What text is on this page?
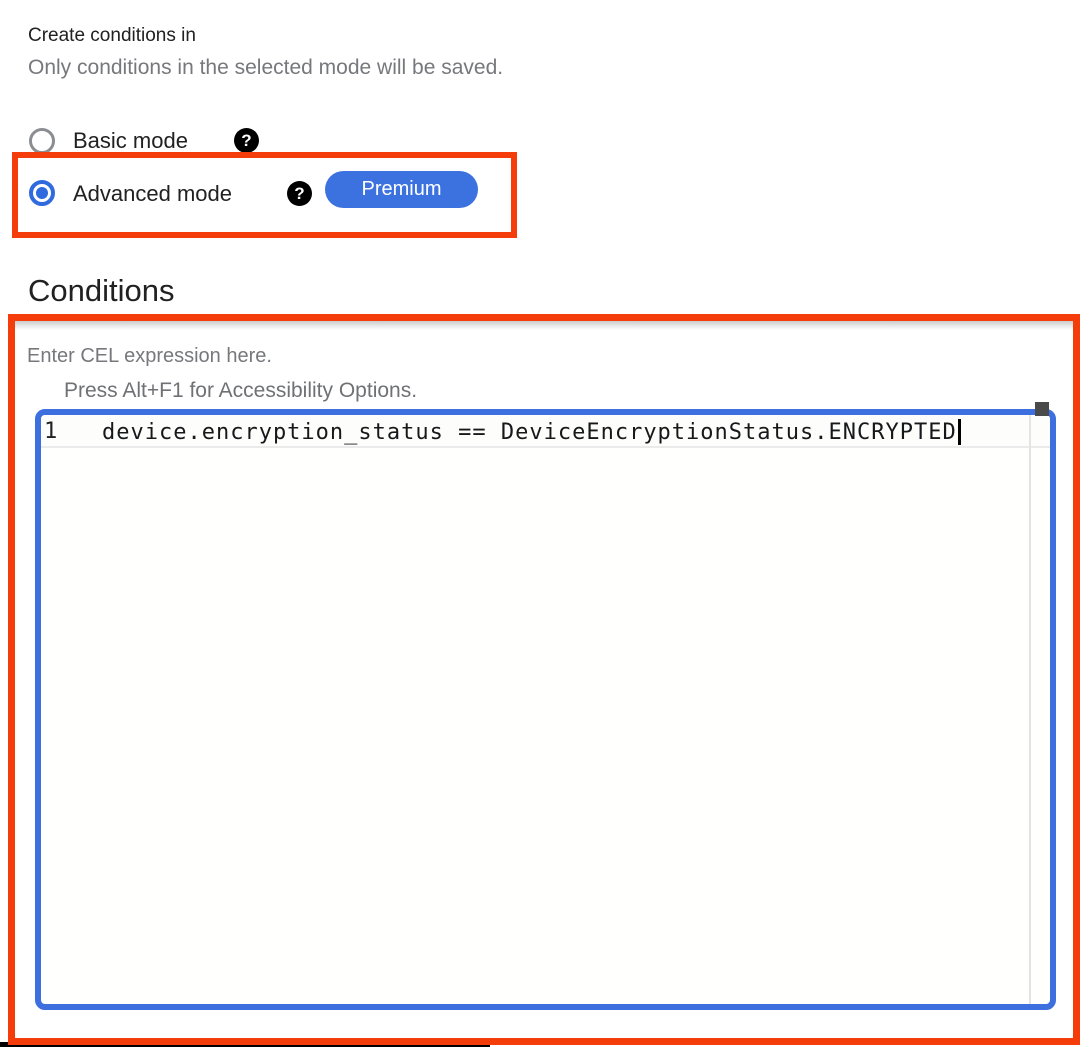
Create conditions in
Only conditions in the selected mode will be saved.
Basic mode	?
Advanced mode	?	Premium
Conditions
Enter CEL expression here.
Press Alt+F1 for Accessibility Options.
1 device.encryption_status == DeviceEncryptionStatus.ENCRYPTED
